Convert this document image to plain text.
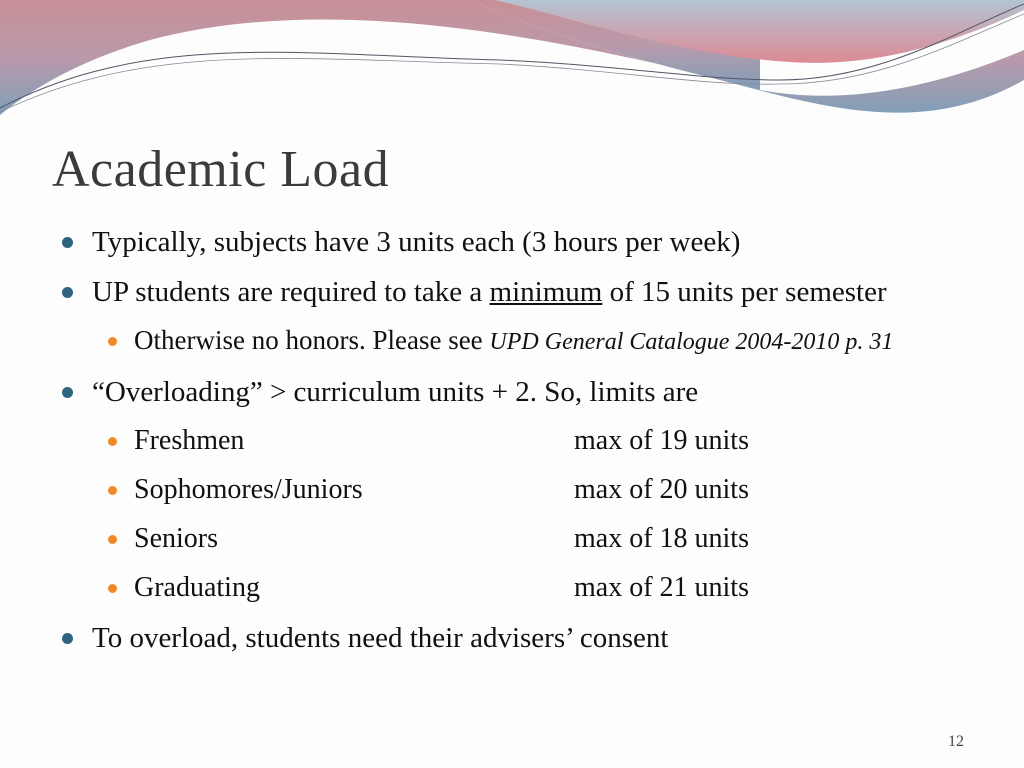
Academic Load
Typically, subjects have 3 units each (3 hours per week)
UP students are required to take a minimum of 15 units per semester
Otherwise no honors. Please see UPD General Catalogue 2004-2010 p. 31
“Overloading” > curriculum units + 2. So, limits are
Freshmen	max of 19 units
Sophomores/Juniors	max of 20 units
Seniors	max of 18 units
Graduating	max of 21 units
To overload, students need their advisers’ consent
12
